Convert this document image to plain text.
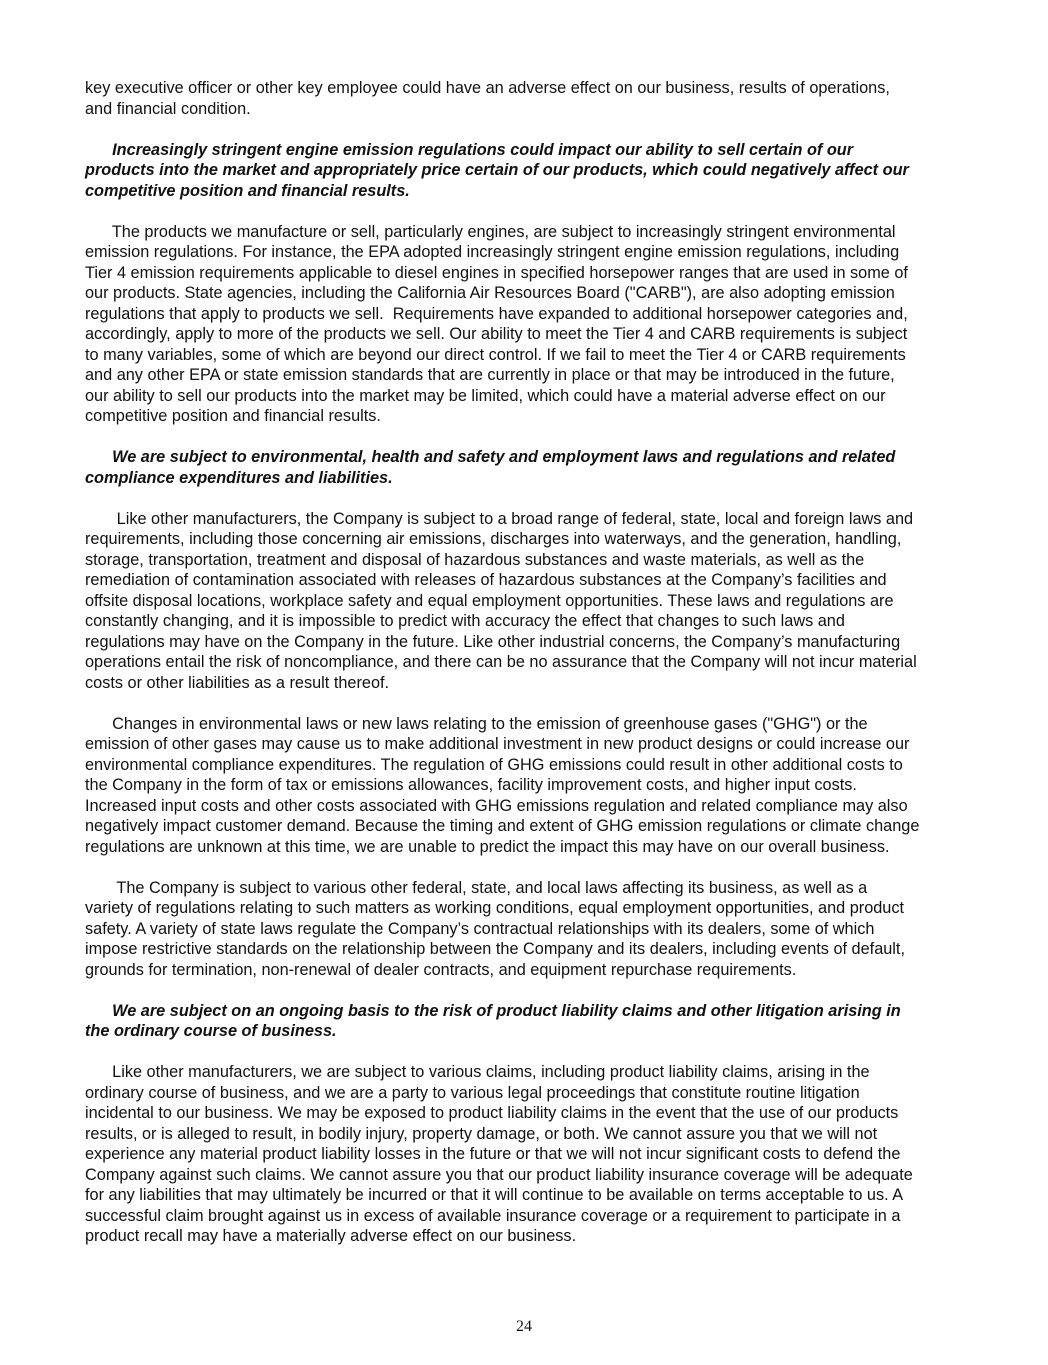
key executive officer or other key employee could have an adverse effect on our business, results of operations,
and financial condition.
Increasingly stringent engine emission regulations could impact our ability to sell certain of our
products into the market and appropriately price certain of our products, which could negatively affect our
competitive position and financial results.
The products we manufacture or sell, particularly engines, are subject to increasingly stringent environmental
emission regulations. For instance, the EPA adopted increasingly stringent engine emission regulations, including
Tier 4 emission requirements applicable to diesel engines in specified horsepower ranges that are used in some of
our products. State agencies, including the California Air Resources Board ("CARB"), are also adopting emission
regulations that apply to products we sell.  Requirements have expanded to additional horsepower categories and,
accordingly, apply to more of the products we sell. Our ability to meet the Tier 4 and CARB requirements is subject
to many variables, some of which are beyond our direct control. If we fail to meet the Tier 4 or CARB requirements
and any other EPA or state emission standards that are currently in place or that may be introduced in the future,
our ability to sell our products into the market may be limited, which could have a material adverse effect on our
competitive position and financial results.
We are subject to environmental, health and safety and employment laws and regulations and related
compliance expenditures and liabilities.
Like other manufacturers, the Company is subject to a broad range of federal, state, local and foreign laws and
requirements, including those concerning air emissions, discharges into waterways, and the generation, handling,
storage, transportation, treatment and disposal of hazardous substances and waste materials, as well as the
remediation of contamination associated with releases of hazardous substances at the Company’s facilities and
offsite disposal locations, workplace safety and equal employment opportunities. These laws and regulations are
constantly changing, and it is impossible to predict with accuracy the effect that changes to such laws and
regulations may have on the Company in the future. Like other industrial concerns, the Company’s manufacturing
operations entail the risk of noncompliance, and there can be no assurance that the Company will not incur material
costs or other liabilities as a result thereof.
Changes in environmental laws or new laws relating to the emission of greenhouse gases ("GHG") or the
emission of other gases may cause us to make additional investment in new product designs or could increase our
environmental compliance expenditures. The regulation of GHG emissions could result in other additional costs to
the Company in the form of tax or emissions allowances, facility improvement costs, and higher input costs.
Increased input costs and other costs associated with GHG emissions regulation and related compliance may also
negatively impact customer demand. Because the timing and extent of GHG emission regulations or climate change
regulations are unknown at this time, we are unable to predict the impact this may have on our overall business.
The Company is subject to various other federal, state, and local laws affecting its business, as well as a
variety of regulations relating to such matters as working conditions, equal employment opportunities, and product
safety. A variety of state laws regulate the Company’s contractual relationships with its dealers, some of which
impose restrictive standards on the relationship between the Company and its dealers, including events of default,
grounds for termination, non-renewal of dealer contracts, and equipment repurchase requirements.
We are subject on an ongoing basis to the risk of product liability claims and other litigation arising in
the ordinary course of business.
Like other manufacturers, we are subject to various claims, including product liability claims, arising in the
ordinary course of business, and we are a party to various legal proceedings that constitute routine litigation
incidental to our business. We may be exposed to product liability claims in the event that the use of our products
results, or is alleged to result, in bodily injury, property damage, or both. We cannot assure you that we will not
experience any material product liability losses in the future or that we will not incur significant costs to defend the
Company against such claims. We cannot assure you that our product liability insurance coverage will be adequate
for any liabilities that may ultimately be incurred or that it will continue to be available on terms acceptable to us. A
successful claim brought against us in excess of available insurance coverage or a requirement to participate in a
product recall may have a materially adverse effect on our business.
24
